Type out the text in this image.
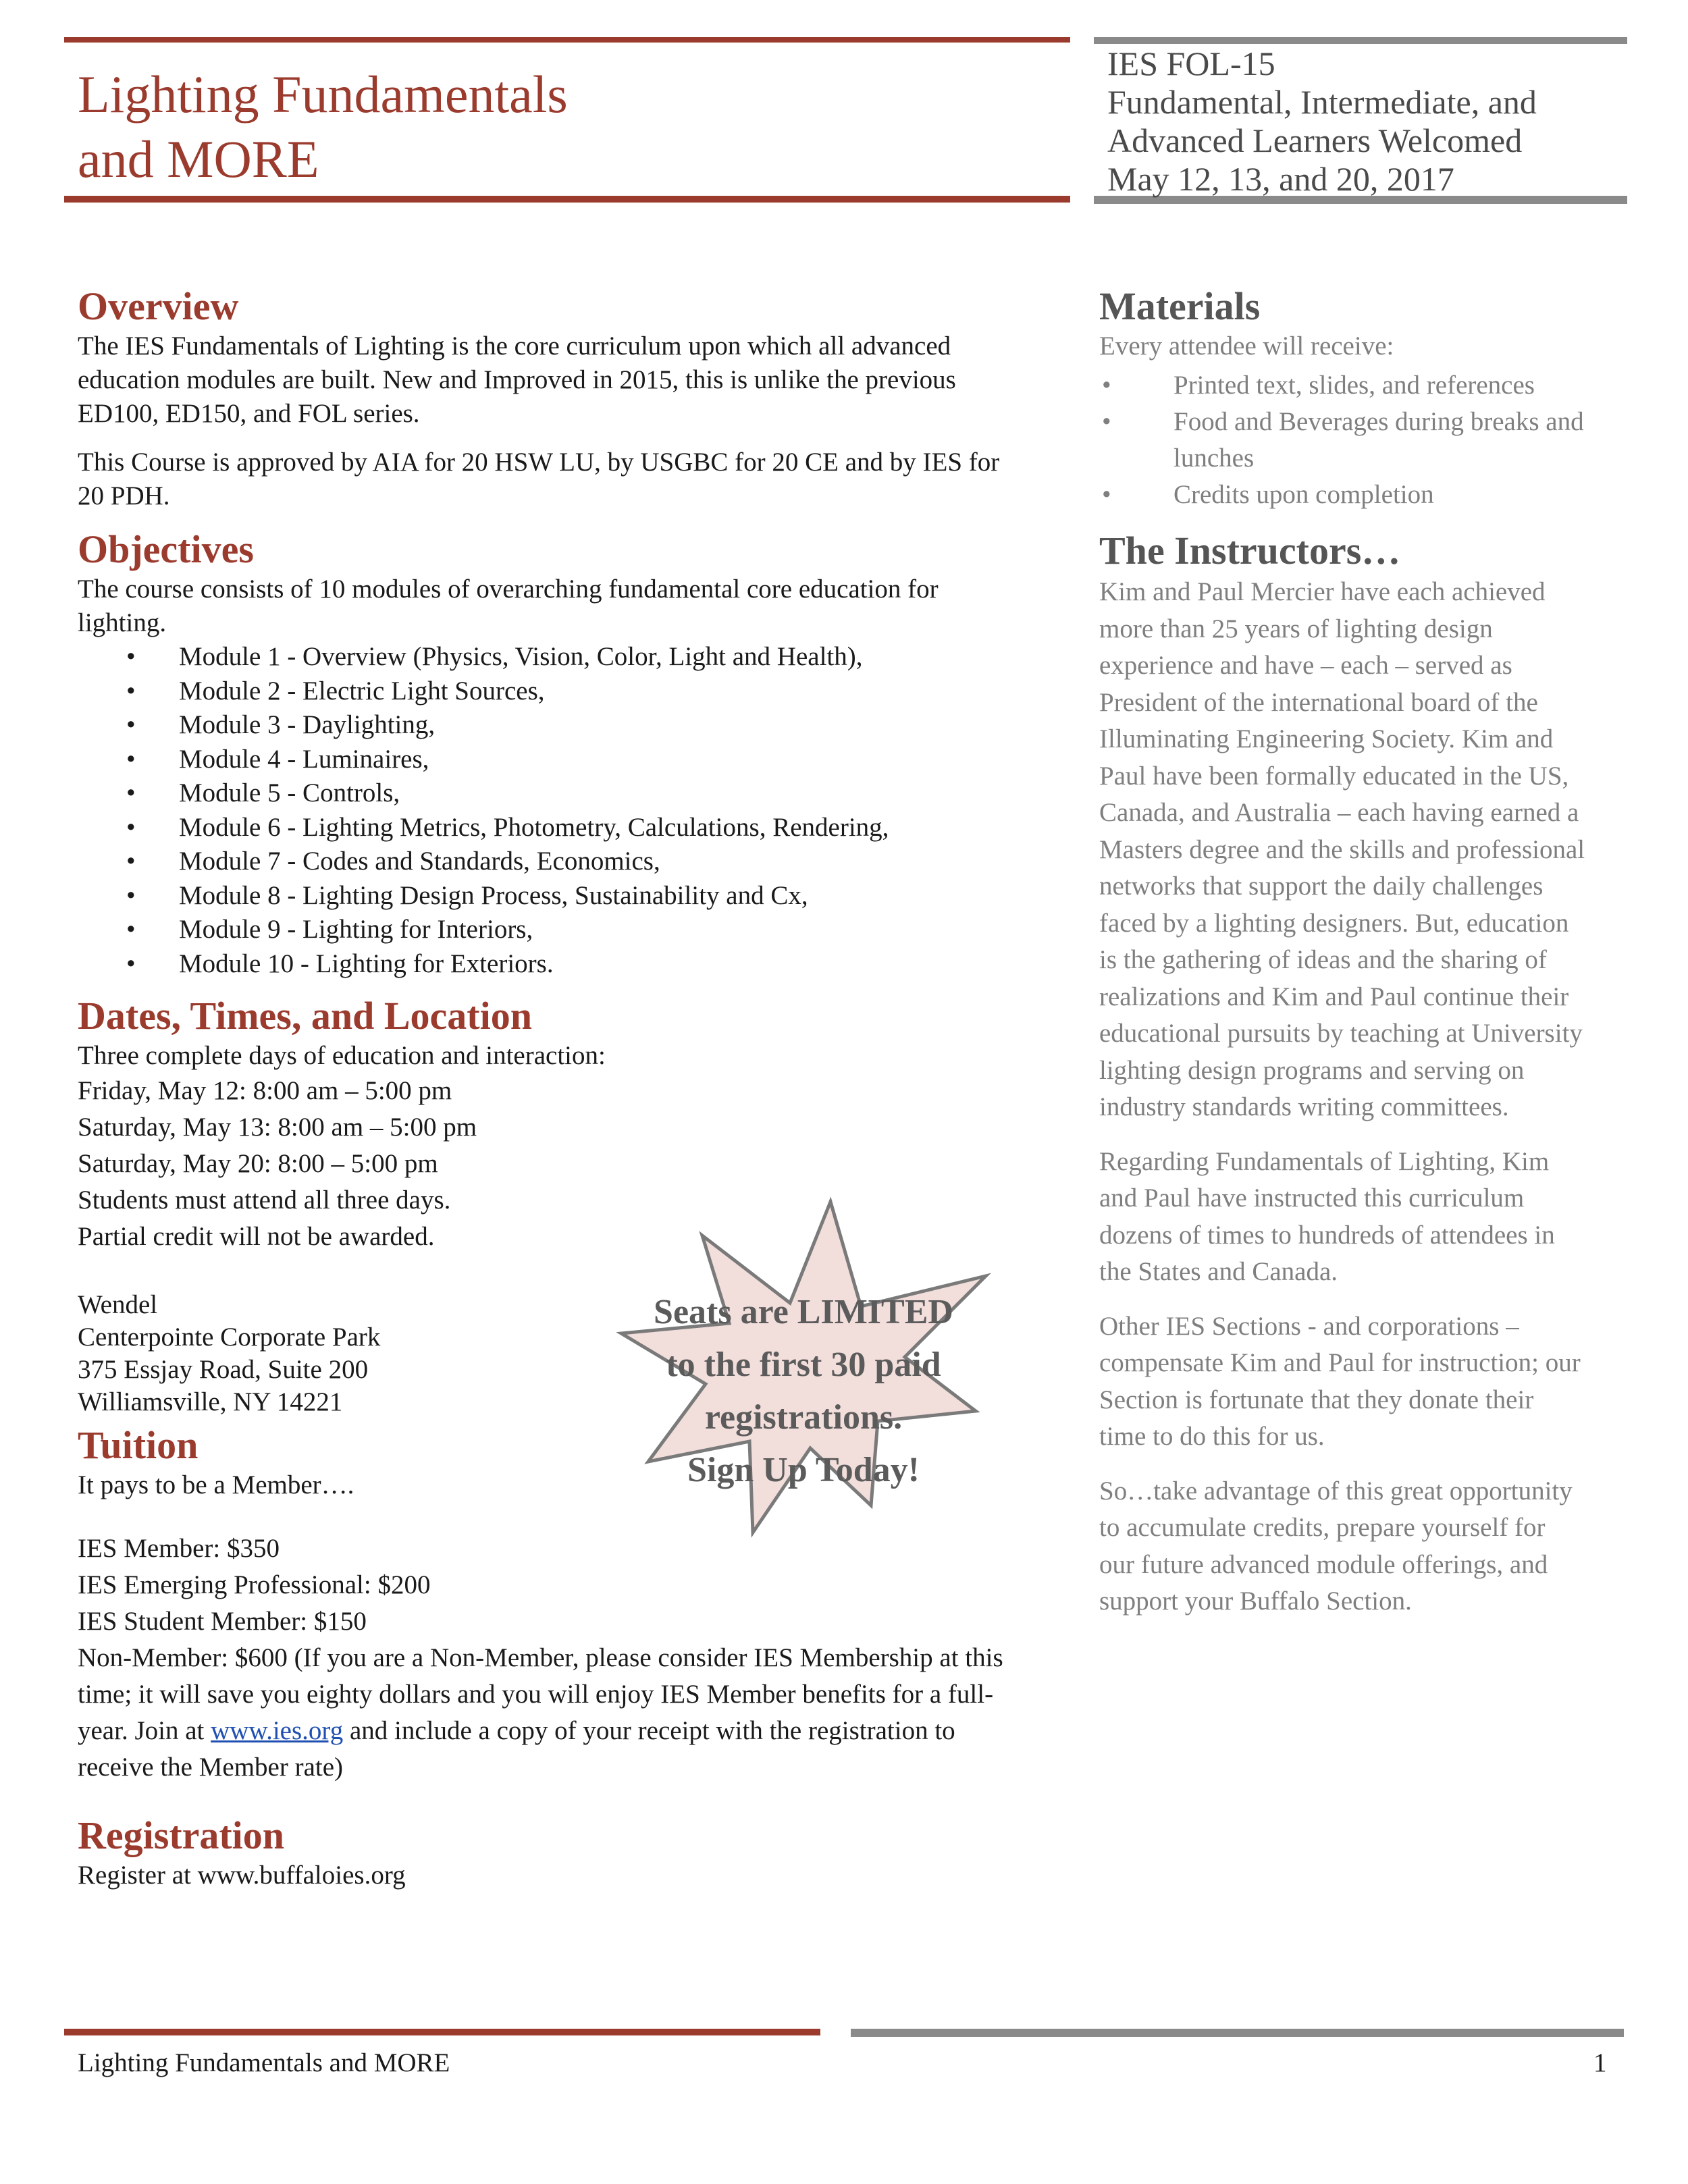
Lighting Fundamentals
and MORE
IES FOL-15
Fundamental, Intermediate, and
Advanced Learners Welcomed
May 12, 13, and 20, 2017
Overview

The IES Fundamentals of Lighting is the core curriculum upon which all advanced education modules are built. New and Improved in 2015, this is unlike the previous ED100, ED150, and FOL series.

This Course is approved by AIA for 20 HSW LU, by USGBC for 20 CE and by IES for 20 PDH.

Objectives

The course consists of 10 modules of overarching fundamental core education for lighting.

• Module 1 - Overview (Physics, Vision, Color, Light and Health),
• Module 2 - Electric Light Sources,
• Module 3 - Daylighting,
• Module 4 - Luminaires,
• Module 5 - Controls,
• Module 6 - Lighting Metrics, Photometry, Calculations, Rendering,
• Module 7 - Codes and Standards, Economics,
• Module 8 - Lighting Design Process, Sustainability and Cx,
• Module 9 - Lighting for Interiors,
• Module 10 - Lighting for Exteriors.
Dates, Times, and Location

Three complete days of education and interaction:

Friday, May 12: 8:00 am – 5:00 pm

Saturday, May 13: 8:00 am – 5:00 pm

Saturday, May 20: 8:00 – 5:00 pm

Students must attend all three days.

Partial credit will not be awarded.

Wendel

Centerpointe Corporate Park

375 Essjay Road, Suite 200

Williamsville, NY 14221

Tuition

It pays to be a Member….

IES Member: $350

IES Emerging Professional: $200

IES Student Member: $150

Non-Member: $600 (If you are a Non-Member, please consider IES Membership at this time; it will save you eighty dollars and you will enjoy IES Member benefits for a full-year. Join at www.ies.org and include a copy of your receipt with the registration to receive the Member rate)

Registration

Register at www.buffaloies.org

Seats are LIMITED
to the first 30 paid
registrations.
Sign Up Today!
Materials

Every attendee will receive:

• Printed text, slides, and references
• Food and Beverages during breaks and lunches
• Credits upon completion
The Instructors…

Kim and Paul Mercier have each achieved more than 25 years of lighting design experience and have – each – served as President of the international board of the Illuminating Engineering Society. Kim and Paul have been formally educated in the US, Canada, and Australia – each having earned a Masters degree and the skills and professional networks that support the daily challenges faced by a lighting designers. But, education is the gathering of ideas and the sharing of realizations and Kim and Paul continue their educational pursuits by teaching at University lighting design programs and serving on industry standards writing committees.

Regarding Fundamentals of Lighting, Kim and Paul have instructed this curriculum dozens of times to hundreds of attendees in the States and Canada.

Other IES Sections - and corporations – compensate Kim and Paul for instruction; our Section is fortunate that they donate their time to do this for us.

So…take advantage of this great opportunity to accumulate credits, prepare yourself for our future advanced module offerings, and support your Buffalo Section.

Lighting Fundamentals and MORE	1
